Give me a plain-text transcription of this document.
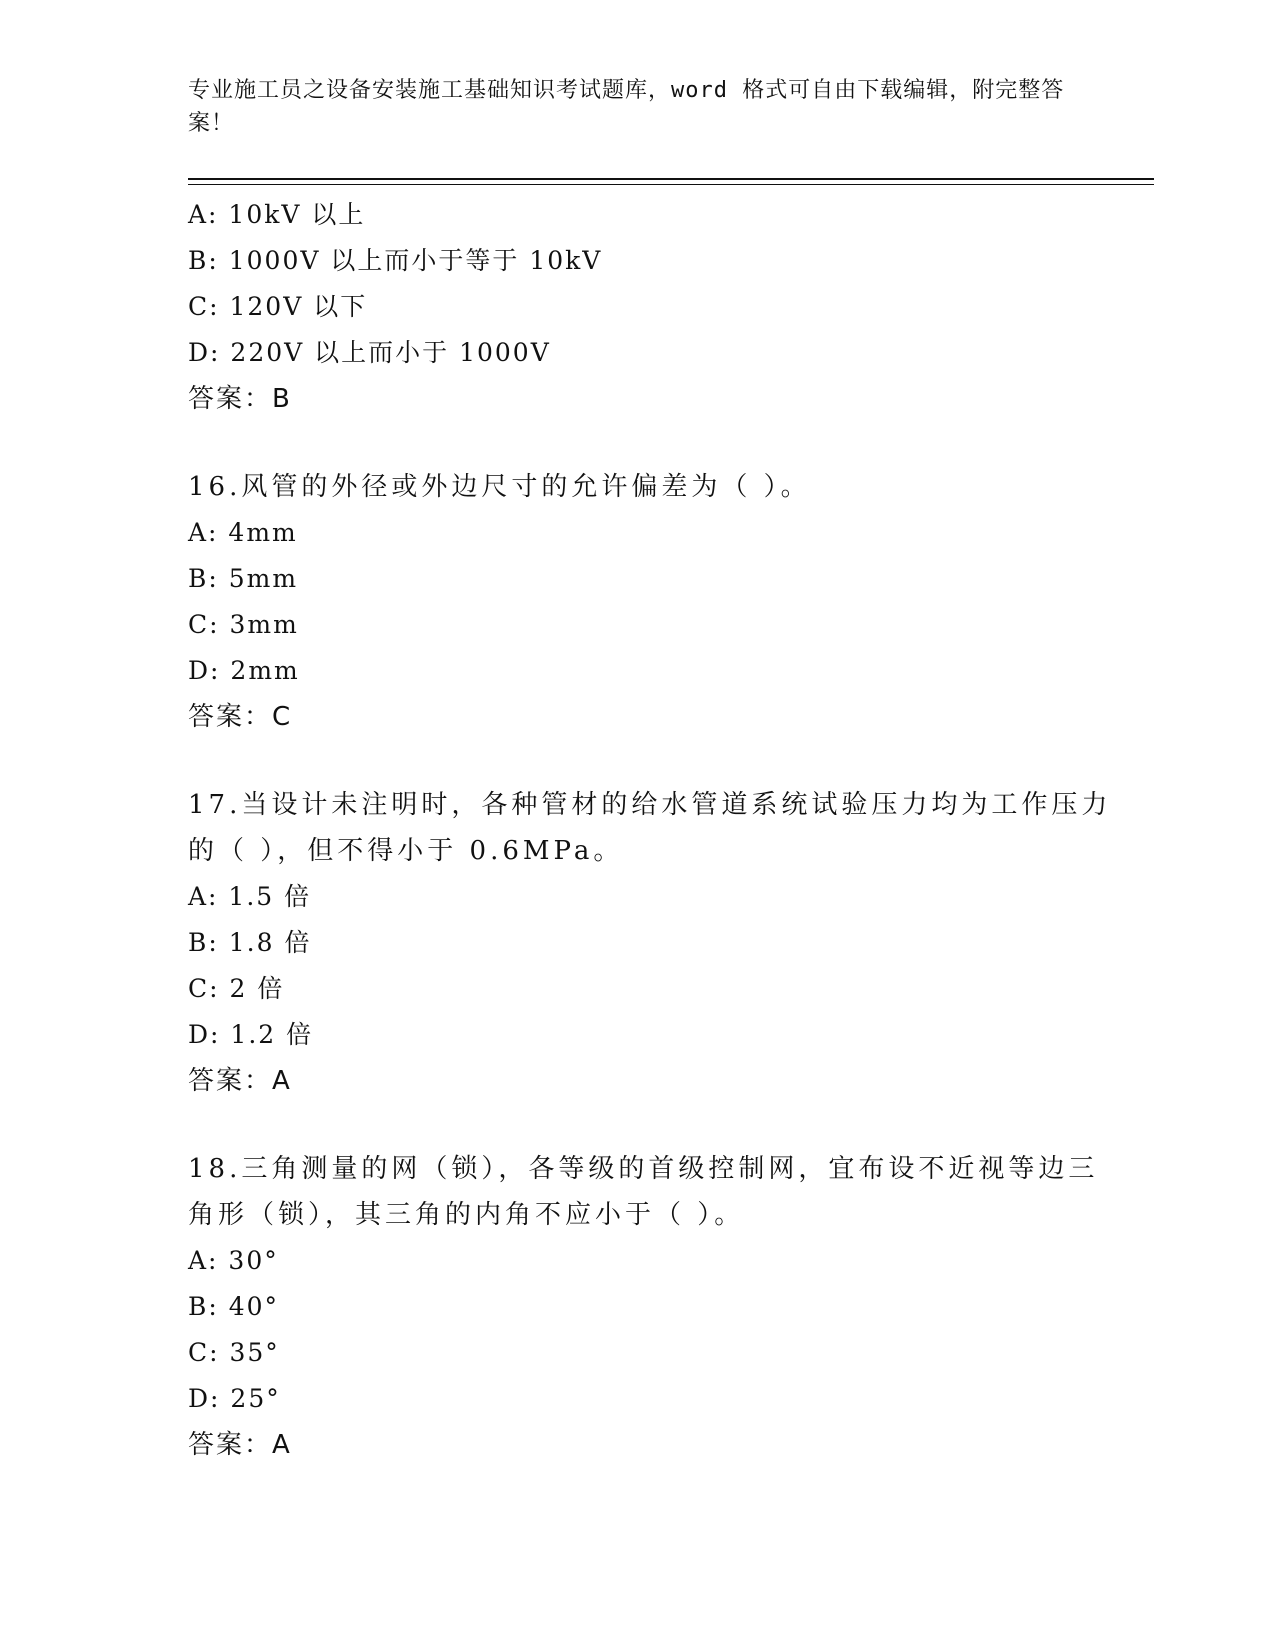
专业施工员之设备安装施工基础知识考试题库，word 格式可自由下载编辑，附完整答案！
A: 10kV 以上
B: 1000V 以上而小于等于 10kV
C: 120V 以下
D: 220V 以上而小于 1000V
答案：B
16.风管的外径或外边尺寸的允许偏差为（ ）。
A: 4mm
B: 5mm
C: 3mm
D: 2mm
答案：C
17.当设计未注明时，各种管材的给水管道系统试验压力均为工作压力的（ ），但不得小于 0.6MPa。
A: 1.5 倍
B: 1.8 倍
C: 2 倍
D: 1.2 倍
答案：A
18.三角测量的网（锁），各等级的首级控制网，宜布设不近视等边三角形（锁），其三角的内角不应小于（ ）。
A: 30°
B: 40°
C: 35°
D: 25°
答案：A
